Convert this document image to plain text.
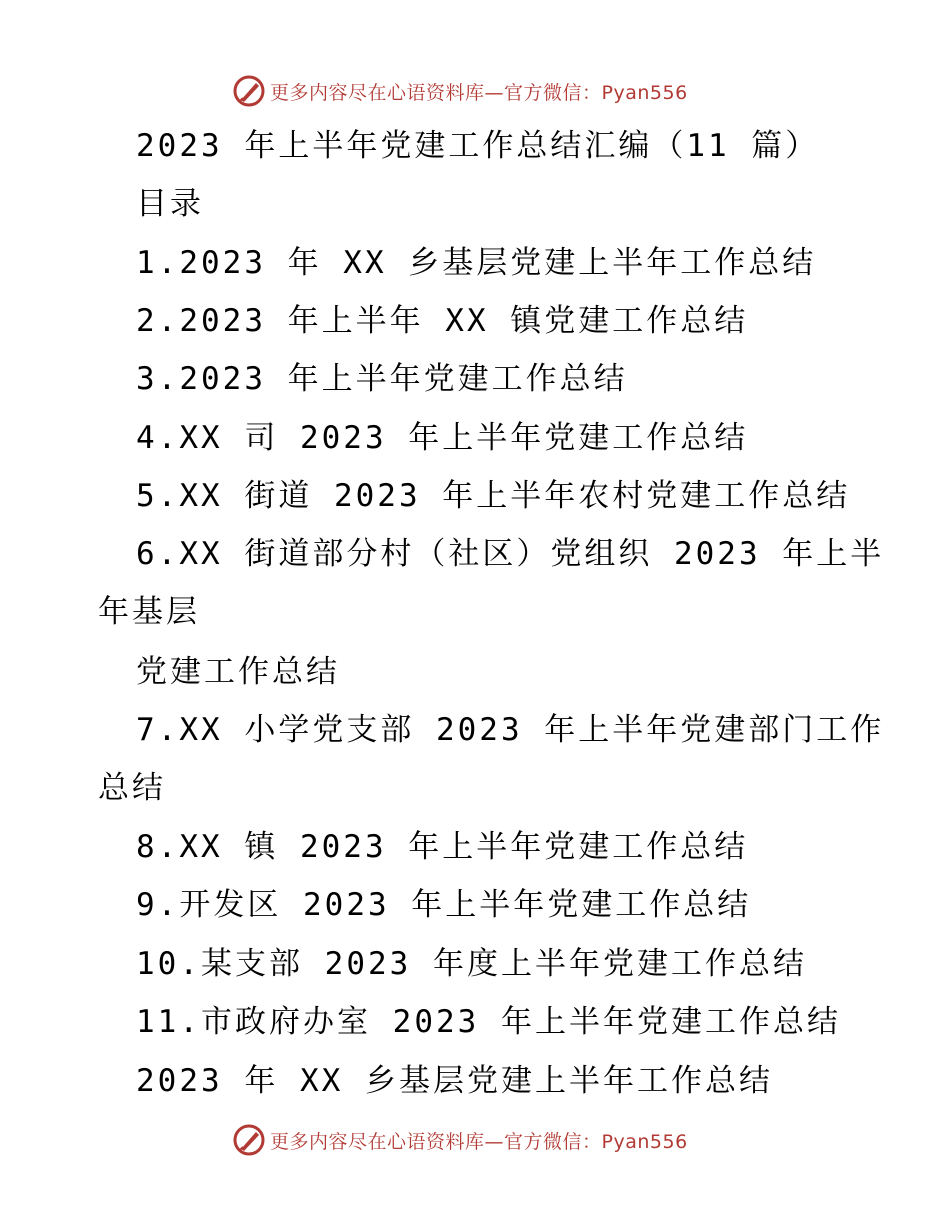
更多内容尽在心语资料库—官方微信：Pyan556
2023 年上半年党建工作总结汇编（11 篇）
目录
1.2023 年 XX 乡基层党建上半年工作总结
2.2023 年上半年 XX 镇党建工作总结
3.2023 年上半年党建工作总结
4.XX 司 2023 年上半年党建工作总结
5.XX 街道 2023 年上半年农村党建工作总结
6.XX 街道部分村（社区）党组织 2023 年上半
年基层
党建工作总结
7.XX 小学党支部 2023 年上半年党建部门工作
总结
8.XX 镇 2023 年上半年党建工作总结
9.开发区 2023 年上半年党建工作总结
10.某支部 2023 年度上半年党建工作总结
11.市政府办室 2023 年上半年党建工作总结
2023 年 XX 乡基层党建上半年工作总结
更多内容尽在心语资料库—官方微信：Pyan556
